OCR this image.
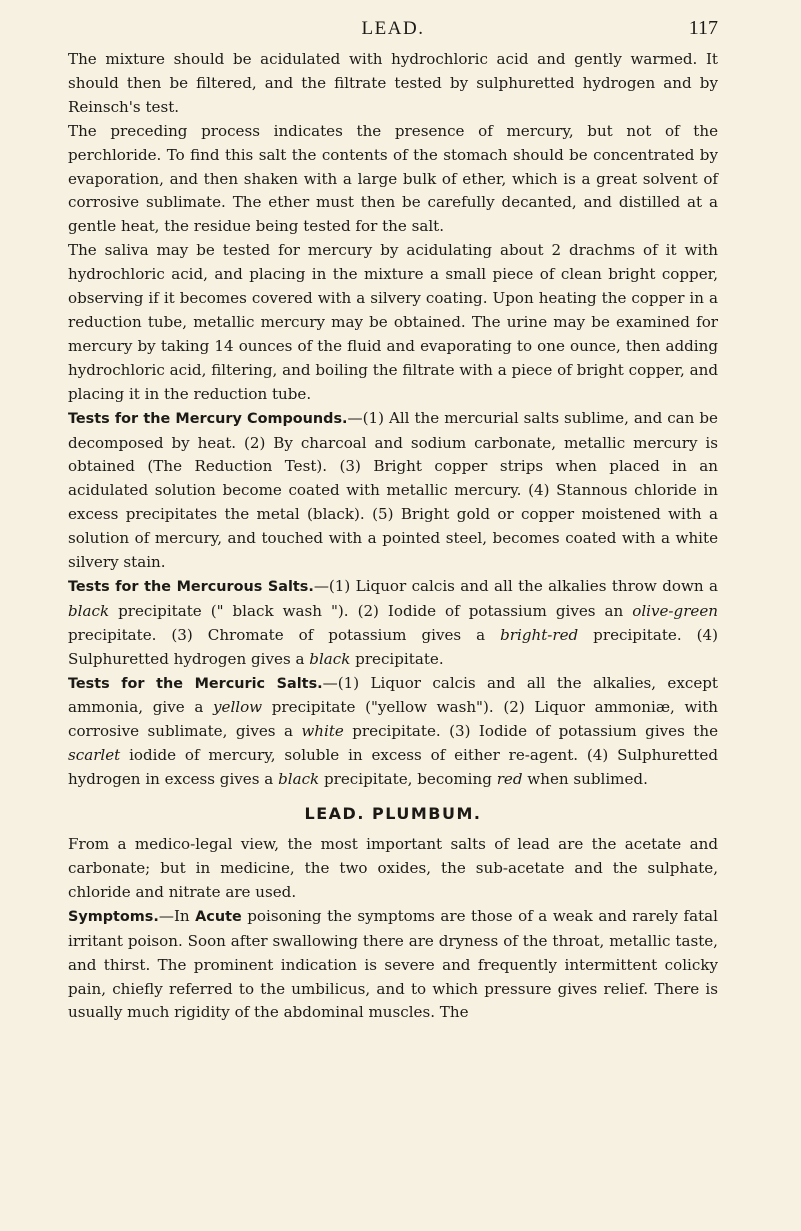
LEAD.	117

The mixture should be acidulated with hydrochloric acid and gently warmed. It should then be filtered, and the filtrate tested by sulphuretted hydrogen and by Reinsch's test.

The preceding process indicates the presence of mercury, but not of the perchloride. To find this salt the contents of the stomach should be concentrated by evaporation, and then shaken with a large bulk of ether, which is a great solvent of corrosive sublimate. The ether must then be carefully decanted, and distilled at a gentle heat, the residue being tested for the salt.

The saliva may be tested for mercury by acidulating about 2 drachms of it with hydrochloric acid, and placing in the mixture a small piece of clean bright copper, observing if it becomes covered with a silvery coating. Upon heating the copper in a reduction tube, metallic mercury may be obtained. The urine may be examined for mercury by taking 14 ounces of the fluid and evaporating to one ounce, then adding hydrochloric acid, filtering, and boiling the filtrate with a piece of bright copper, and placing it in the reduction tube.

Tests for the Mercury Compounds.—(1) All the mercurial salts sublime, and can be decomposed by heat. (2) By charcoal and sodium carbonate, metallic mercury is obtained (The Reduction Test). (3) Bright copper strips when placed in an acidulated solution become coated with metallic mercury. (4) Stannous chloride in excess precipitates the metal (black). (5) Bright gold or copper moistened with a solution of mercury, and touched with a pointed steel, becomes coated with a white silvery stain.

Tests for the Mercurous Salts.—(1) Liquor calcis and all the alkalies throw down a black precipitate (" black wash "). (2) Iodide of potassium gives an olive-green precipitate. (3) Chromate of potassium gives a bright-red precipitate. (4) Sulphuretted hydrogen gives a black precipitate.

Tests for the Mercuric Salts.—(1) Liquor calcis and all the alkalies, except ammonia, give a yellow precipitate ("yellow wash"). (2) Liquor ammoniæ, with corrosive sublimate, gives a white precipitate. (3) Iodide of potassium gives the scarlet iodide of mercury, soluble in excess of either re-agent. (4) Sulphuretted hydrogen in excess gives a black precipitate, becoming red when sublimed.

LEAD. PLUMBUM.

From a medico-legal view, the most important salts of lead are the acetate and carbonate; but in medicine, the two oxides, the sub-acetate and the sulphate, chloride and nitrate are used.

Symptoms.—In Acute poisoning the symptoms are those of a weak and rarely fatal irritant poison. Soon after swallowing there are dryness of the throat, metallic taste, and thirst. The prominent indication is severe and frequently intermittent colicky pain, chiefly referred to the umbilicus, and to which pressure gives relief. There is usually much rigidity of the abdominal muscles. The
